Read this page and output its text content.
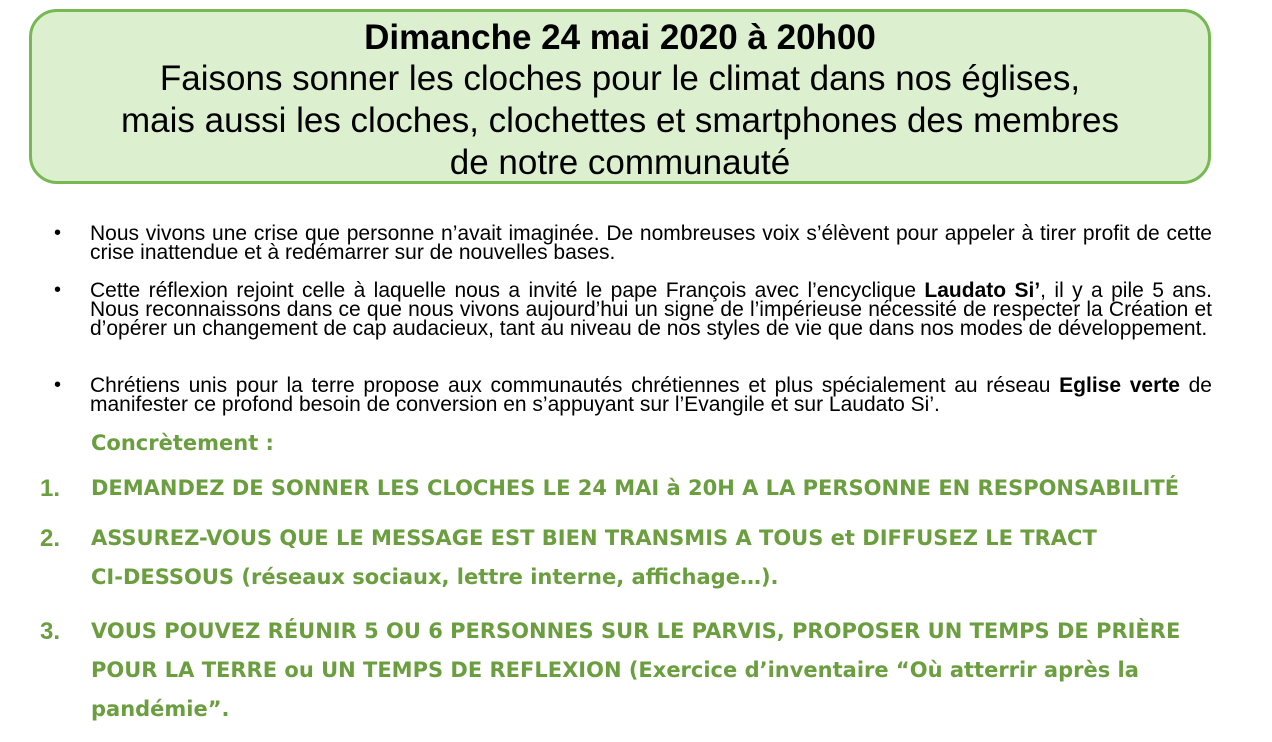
Dimanche 24 mai 2020 à 20h00
Faisons sonner les cloches pour le climat dans nos églises,
mais aussi les cloches, clochettes et smartphones des membres
de notre communauté
• Nous vivons une crise que personne n’avait imaginée. De nombreuses voix s’élèvent pour appeler à tirer profit de cette crise inattendue et à redémarrer sur de nouvelles bases.
• Cette réflexion rejoint celle à laquelle nous a invité le pape François avec l’encyclique Laudato Si’, il y a pile 5 ans. Nous reconnaissons dans ce que nous vivons aujourd’hui un signe de l’impérieuse nécessité de respecter la Création et d’opérer un changement de cap audacieux, tant au niveau de nos styles de vie que dans nos modes de développement.
• Chrétiens unis pour la terre propose aux communautés chrétiennes et plus spécialement au réseau Eglise verte de manifester ce profond besoin de conversion en s’appuyant sur l’Evangile et sur Laudato Si’.
Concrètement :
1. DEMANDEZ DE SONNER LES CLOCHES LE 24 MAI à 20H A LA PERSONNE EN RESPONSABILITÉ
2. ASSUREZ-VOUS QUE LE MESSAGE EST BIEN TRANSMIS A TOUS et DIFFUSEZ LE TRACT
CI-DESSOUS (réseaux sociaux, lettre interne, affichage…).
3. VOUS POUVEZ RÉUNIR 5 OU 6 PERSONNES SUR LE PARVIS, PROPOSER UN TEMPS DE PRIÈRE
POUR LA TERRE ou UN TEMPS DE REFLEXION (Exercice d’inventaire “Où atterrir après la
pandémie”.
